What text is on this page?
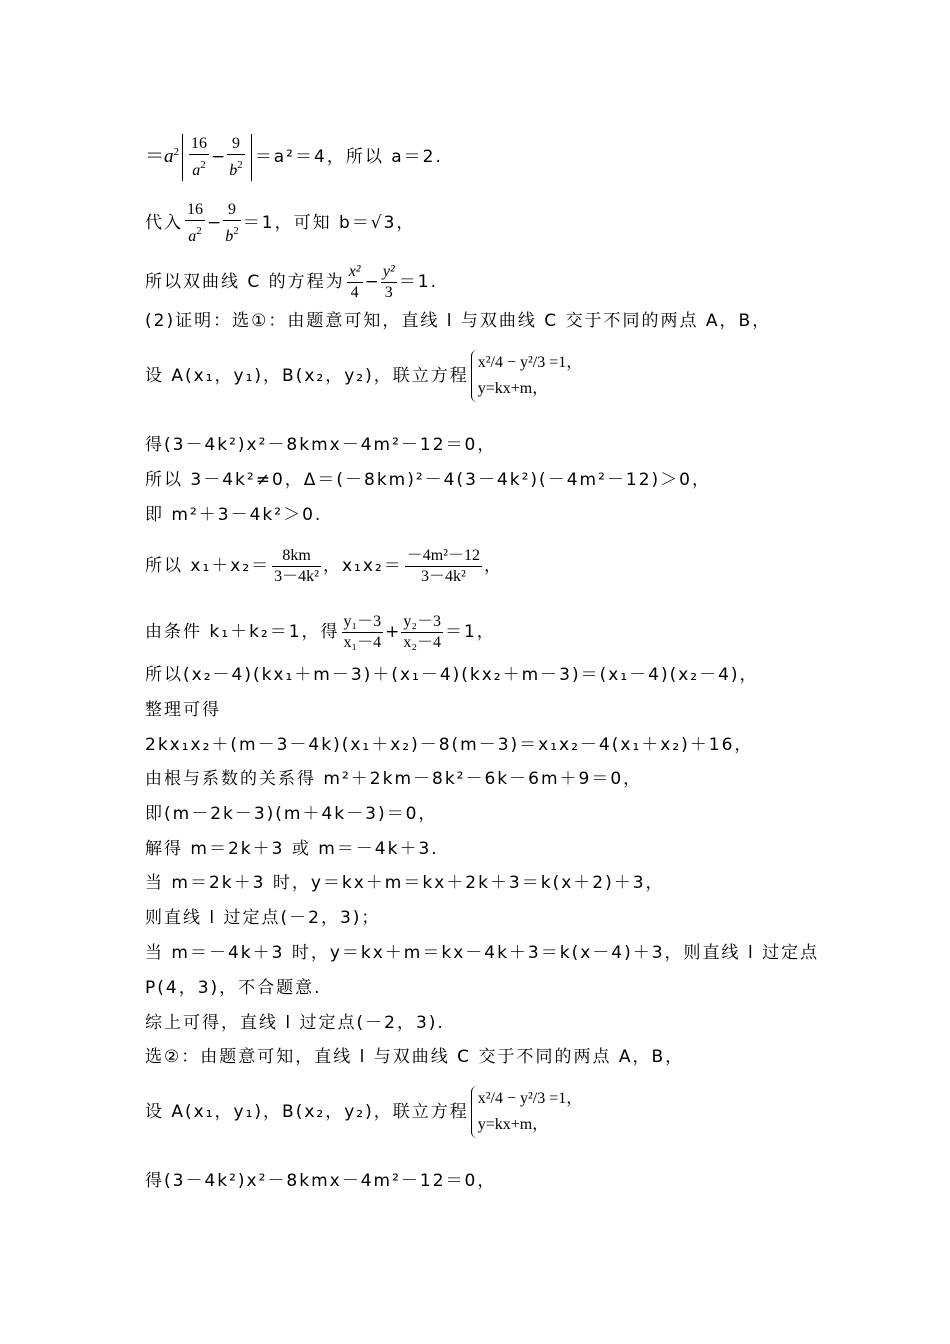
$=a^2 \frac{16}{a^2} - \frac{9}{b^2} =a^2=4$，所以 a＝2.
代入 $\frac{16}{a^2} - \frac{9}{b^2} =1$，可知 b＝√3，
所以双曲线 C 的方程为 $\frac{\text{x²}}{4} - \frac{\text{y²}}{3} =1$.
(2)证明：选①：由题意可知，直线 l 与双曲线 C 交于不同的两点 A，B，
设 A(x₁，y₁)，B(x₂，y₂)，联立方程
x²/4 − y²/3 =1，
y=kx+m，
得(3－4k²)x²－8kmx－4m²－12＝0，
所以 3－4k²≠0，Δ＝(－8km)²－4(3－4k²)(－4m²－12)＞0，
即 m²＋3－4k²＞0.
所以 $x_1+x_2= \frac{8km}{\text{3－4k²}}$ ，$x_1x_2= \frac{\text{－4m²－12}}{\text{3－4k²}}$ ，
由条件 k₁＋k₂＝1，得 $\frac{\text{y₁－3}}{\text{x₁－4}} + \frac{\text{y₂－3}}{\text{x₂－4}} =1$，
所以(x₂－4)(kx₁＋m－3)＋(x₁－4)(kx₂＋m－3)＝(x₁－4)(x₂－4)，
整理可得
2kx₁x₂＋(m－3－4k)(x₁＋x₂)－8(m－3)＝x₁x₂－4(x₁＋x₂)＋16，
由根与系数的关系得 m²＋2km－8k²－6k－6m＋9＝0，
即(m－2k－3)(m＋4k－3)＝0，
解得 m＝2k＋3 或 m＝－4k＋3.
当 m＝2k＋3 时，y＝kx＋m＝kx＋2k＋3＝k(x＋2)＋3，
则直线 l 过定点(－2，3)；
当 m＝－4k＋3 时，y＝kx＋m＝kx－4k＋3＝k(x－4)＋3，则直线 l 过定点
P(4，3)，不合题意.
综上可得，直线 l 过定点(－2，3).
选②：由题意可知，直线 l 与双曲线 C 交于不同的两点 A，B，
设 A(x₁，y₁)，B(x₂，y₂)，联立方程
x²/4 − y²/3 =1，
y=kx+m，
得(3－4k²)x²－8kmx－4m²－12＝0，
